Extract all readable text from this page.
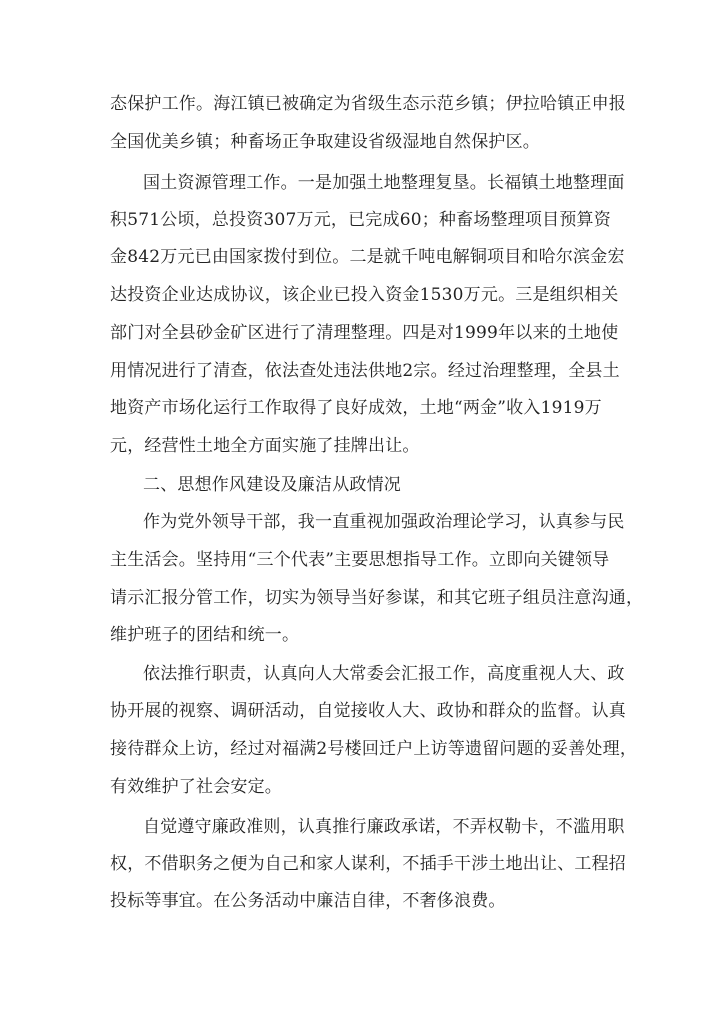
态保护工作。海江镇已被确定为省级生态示范乡镇；伊拉哈镇正申报
全国优美乡镇；种畜场正争取建设省级湿地自然保护区。
国土资源管理工作。一是加强土地整理复垦。长福镇土地整理面
积571公顷，总投资307万元，已完成60；种畜场整理项目预算资
金842万元已由国家拨付到位。二是就千吨电解铜项目和哈尔滨金宏
达投资企业达成协议，该企业已投入资金1530万元。三是组织相关
部门对全县砂金矿区进行了清理整理。四是对1999年以来的土地使
用情况进行了清查，依法查处违法供地2宗。经过治理整理，全县土
地资产市场化运行工作取得了良好成效，土地“两金”收入1919万
元，经营性土地全方面实施了挂牌出让。
二、思想作风建设及廉洁从政情况
作为党外领导干部，我一直重视加强政治理论学习，认真参与民
主生活会。坚持用“三个代表”主要思想指导工作。立即向关键领导
请示汇报分管工作，切实为领导当好参谋，和其它班子组员注意沟通，
维护班子的团结和统一。
依法推行职责，认真向人大常委会汇报工作，高度重视人大、政
协开展的视察、调研活动，自觉接收人大、政协和群众的监督。认真
接待群众上访，经过对福满2号楼回迁户上访等遗留问题的妥善处理，
有效维护了社会安定。
自觉遵守廉政准则，认真推行廉政承诺，不弄权勒卡，不滥用职
权，不借职务之便为自己和家人谋利，不插手干涉土地出让、工程招
投标等事宜。在公务活动中廉洁自律，不奢侈浪费。
